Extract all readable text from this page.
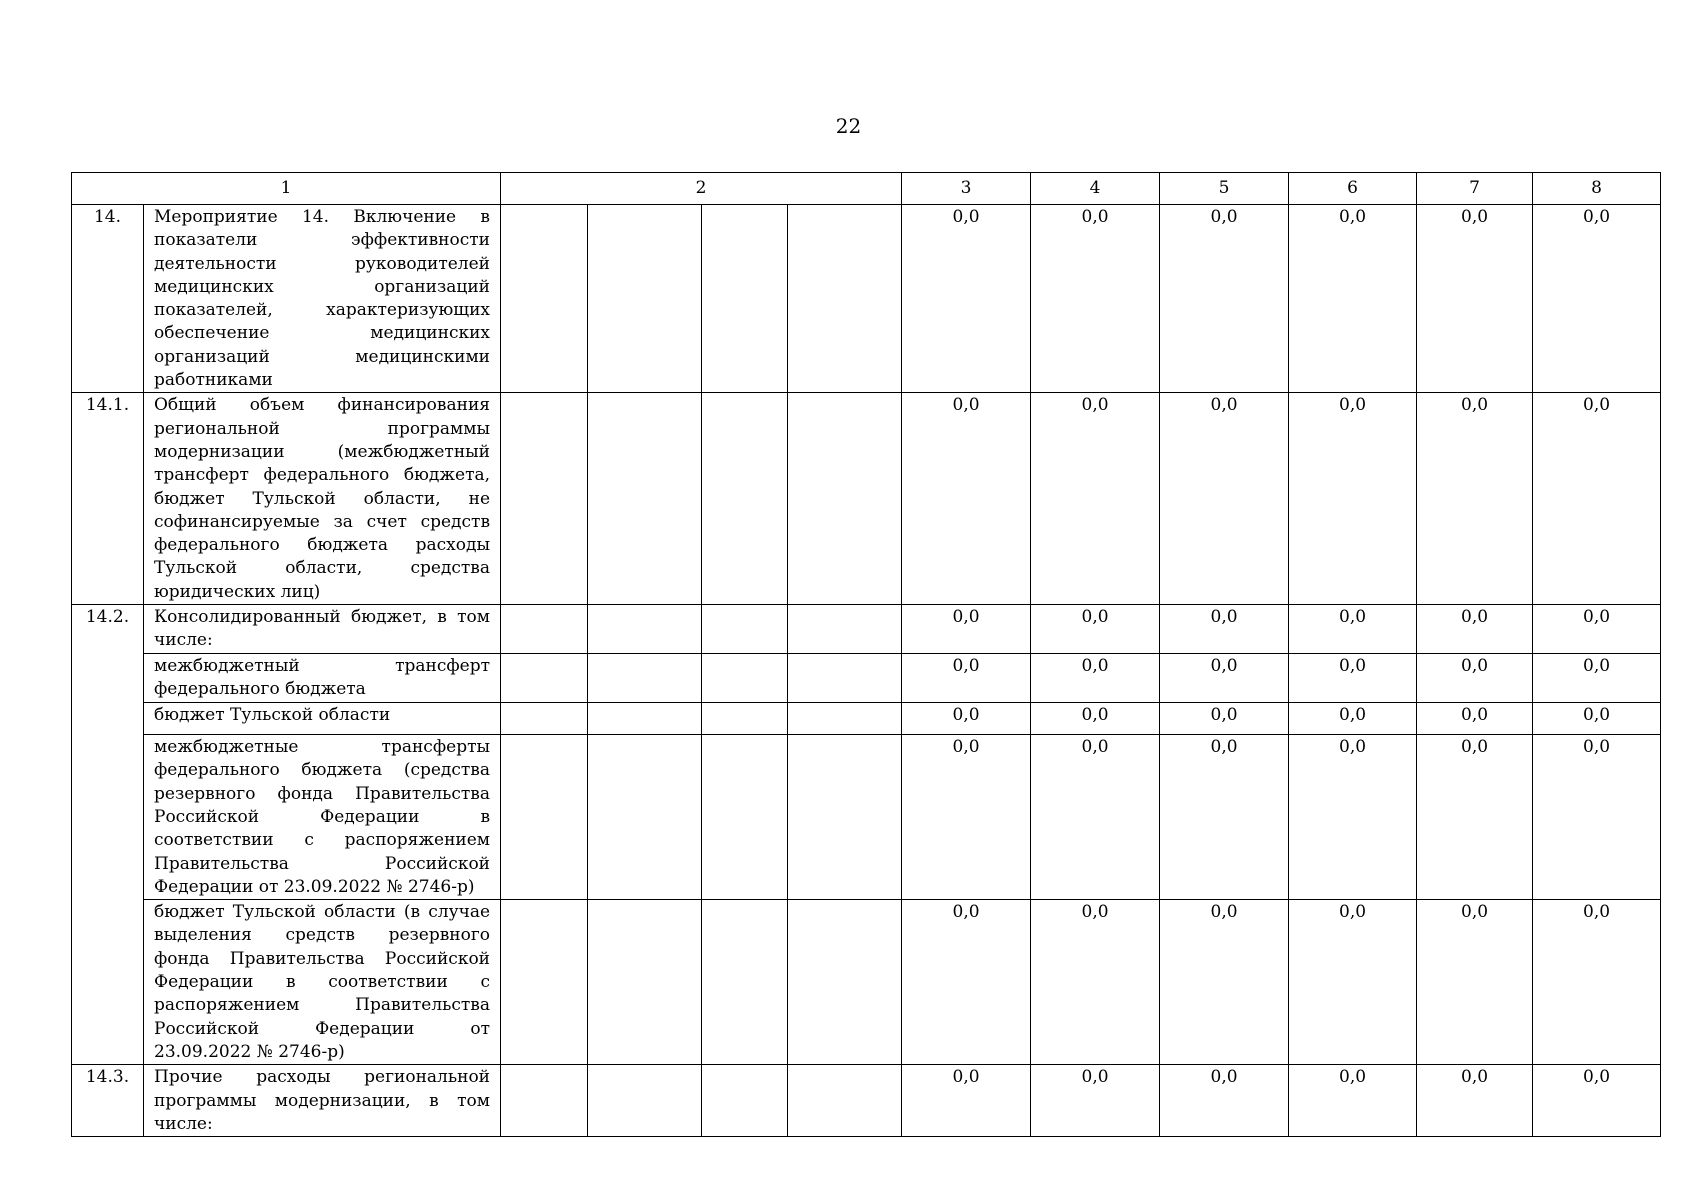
22
1		2				3	4	5	6	7	8
14.	Мероприятие 14. Включение в показатели эффективности деятельности руководителей медицинских организаций показателей, характеризующих обеспечение медицинских организаций медицинскими работниками					0,0	0,0	0,0	0,0	0,0	0,0
14.1.	Общий объем финансирования региональной программы модернизации (межбюджетный трансферт федерального бюджета, бюджет Тульской области, не софинансируемые за счет средств федерального бюджета расходы Тульской области, средства юридических лиц)					0,0	0,0	0,0	0,0	0,0	0,0
14.2.	Консолидированный бюджет, в том числе:					0,0	0,0	0,0	0,0	0,0	0,0
	межбюджетный трансферт федерального бюджета					0,0	0,0	0,0	0,0	0,0	0,0
	бюджет Тульской области					0,0	0,0	0,0	0,0	0,0	0,0
	межбюджетные трансферты федерального бюджета (средства резервного фонда Правительства Российской Федерации в соответствии с распоряжением Правительства Российской Федерации от 23.09.2022 № 2746-р)					0,0	0,0	0,0	0,0	0,0	0,0
	бюджет Тульской области (в случае выделения средств резервного фонда Правительства Российской Федерации в соответствии с распоряжением Правительства Российской Федерации от 23.09.2022 № 2746-р)					0,0	0,0	0,0	0,0	0,0	0,0
14.3.	Прочие расходы региональной программы модернизации, в том числе:					0,0	0,0	0,0	0,0	0,0	0,0
